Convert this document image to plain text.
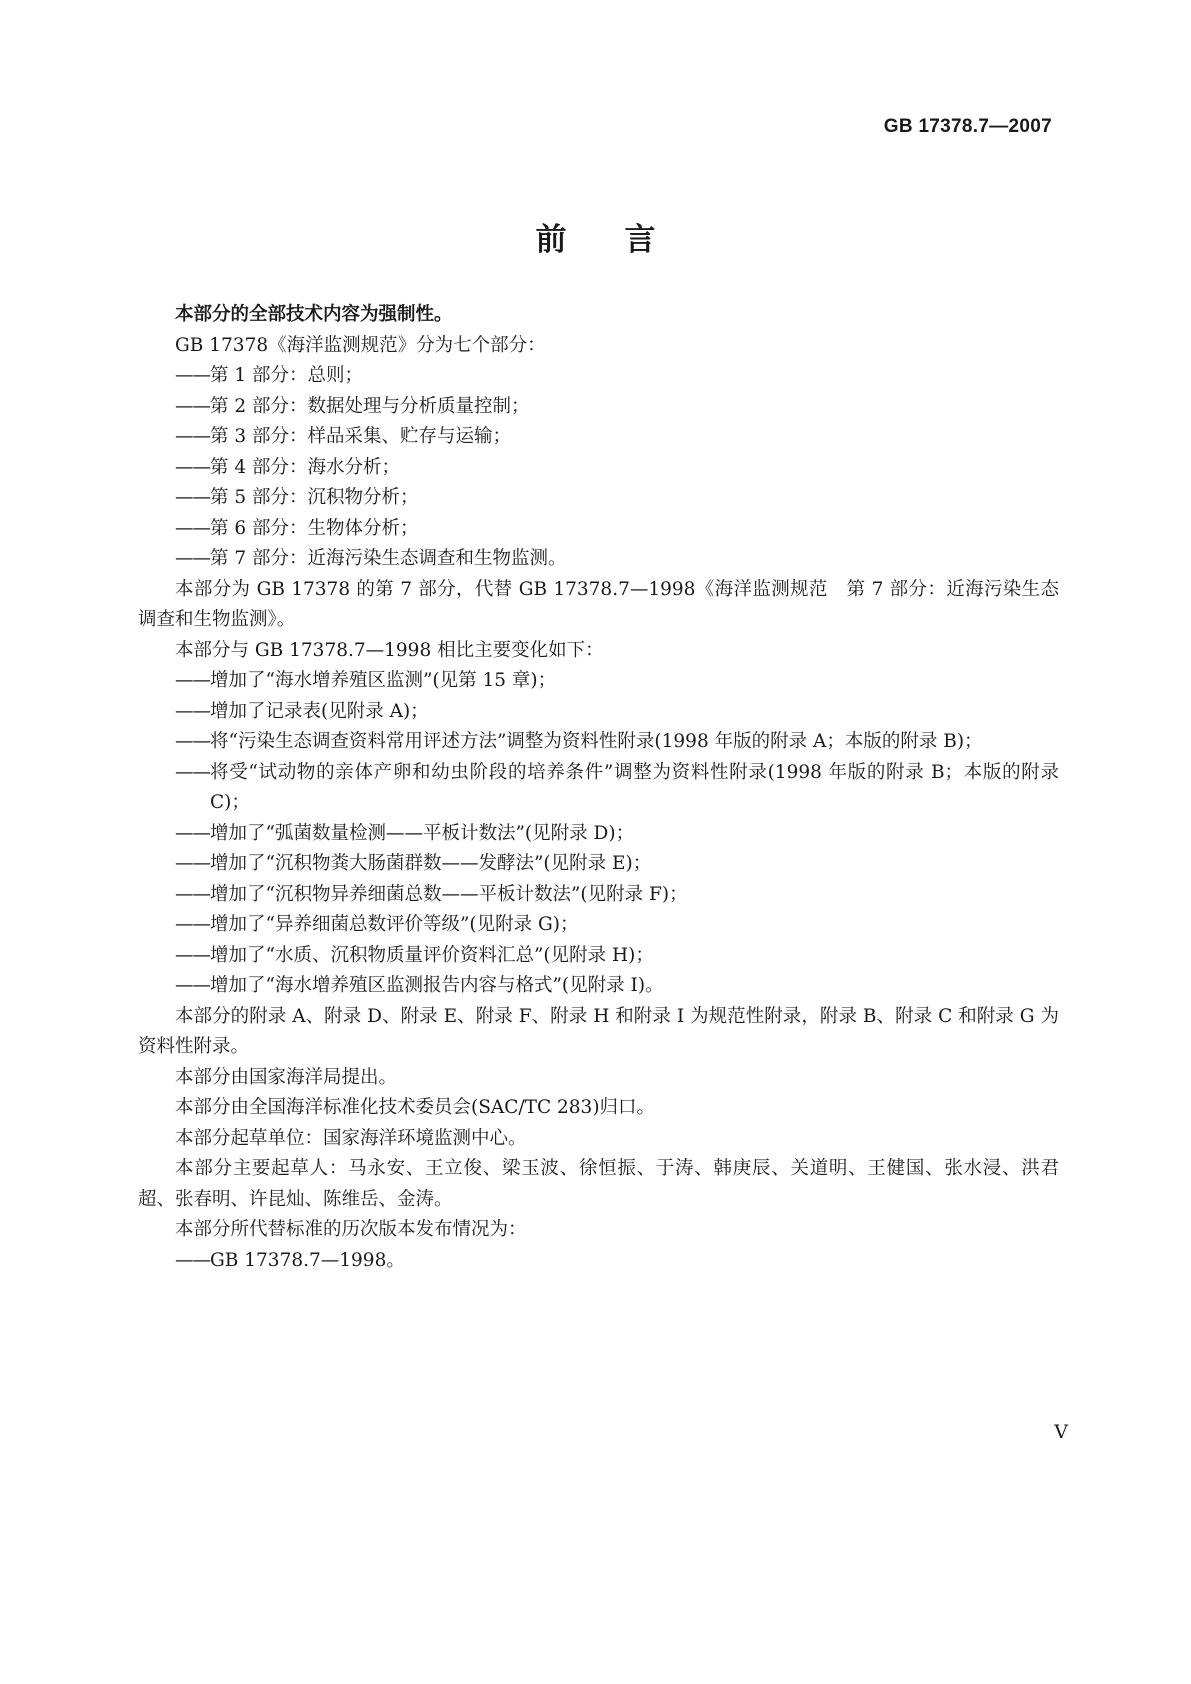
GB 17378.7—2007
前言

本部分的全部技术内容为强制性。

GB 17378《海洋监测规范》分为七个部分：

—— 第 1 部分：总则；
—— 第 2 部分：数据处理与分析质量控制；
—— 第 3 部分：样品采集、贮存与运输；
—— 第 4 部分：海水分析；
—— 第 5 部分：沉积物分析；
—— 第 6 部分：生物体分析；
—— 第 7 部分：近海污染生态调查和生物监测。

本部分为 GB 17378 的第 7 部分，代替 GB 17378.7—1998《海洋监测规范　第 7 部分：近海污染生态调查和生物监测》。

本部分与 GB 17378.7—1998 相比主要变化如下：

—— 增加了“海水增养殖区监测”(见第 15 章)；
—— 增加了记录表(见附录 A)；
—— 将“污染生态调查资料常用评述方法”调整为资料性附录(1998 年版的附录 A；本版的附录 B)；
—— 将受“试动物的亲体产卵和幼虫阶段的培养条件”调整为资料性附录(1998 年版的附录 B；本版的附录 C)；
—— 增加了“弧菌数量检测——平板计数法”(见附录 D)；
—— 增加了“沉积物粪大肠菌群数——发酵法”(见附录 E)；
—— 增加了“沉积物异养细菌总数——平板计数法”(见附录 F)；
—— 增加了“异养细菌总数评价等级”(见附录 G)；
—— 增加了“水质、沉积物质量评价资料汇总”(见附录 H)；
—— 增加了“海水增养殖区监测报告内容与格式”(见附录 I)。

本部分的附录 A、附录 D、附录 E、附录 F、附录 H 和附录 I 为规范性附录，附录 B、附录 C 和附录 G 为资料性附录。

本部分由国家海洋局提出。

本部分由全国海洋标准化技术委员会(SAC/TC 283)归口。

本部分起草单位：国家海洋环境监测中心。

本部分主要起草人：马永安、王立俊、梁玉波、徐恒振、于涛、韩庚辰、关道明、王健国、张水浸、洪君超、张春明、许昆灿、陈维岳、金涛。

本部分所代替标准的历次版本发布情况为：

—— GB 17378.7—1998。
V
